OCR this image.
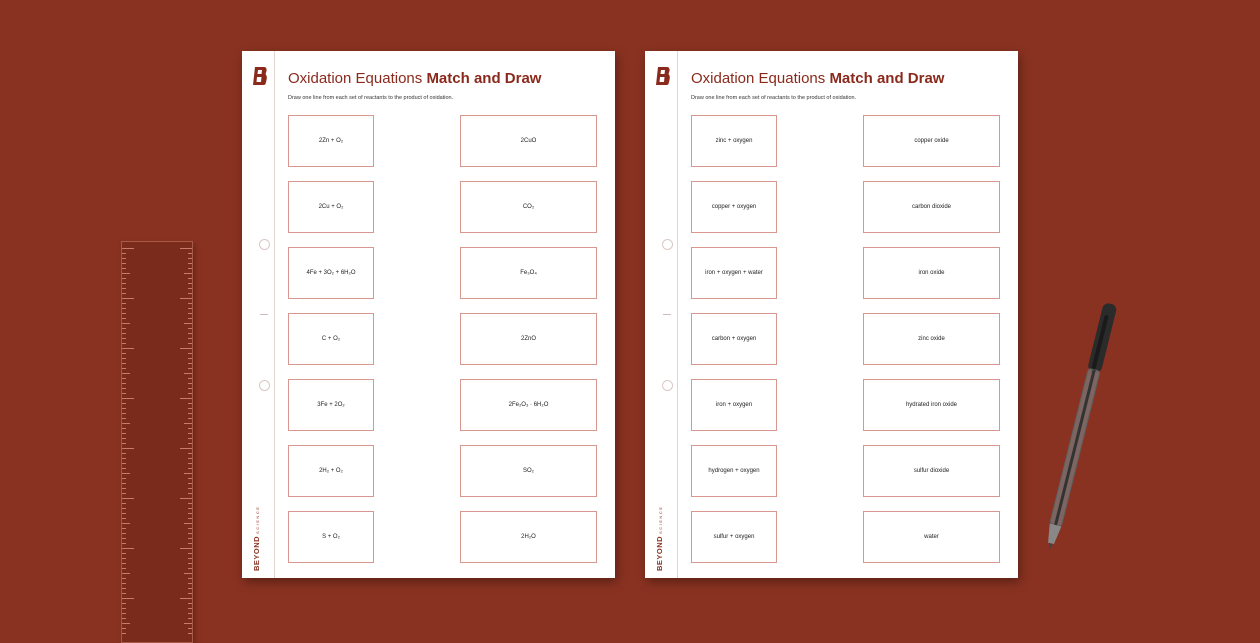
BEYONDSCIENCE
Oxidation Equations Match and Draw
Draw one line from each set of reactants to the product of oxidation.
2Zn + O₂
2Cu + O₂
4Fe + 3O₂ + 6H₂O
C + O₂
3Fe + 2O₂
2H₂ + O₂
S + O₂
2CuO
CO₂
Fe₃O₄
2ZnO
2Fe₂O₃ · 6H₂O
SO₂
2H₂O	BEYONDSCIENCE
Oxidation Equations Match and Draw
Draw one line from each set of reactants to the product of oxidation.
zinc + oxygen
copper + oxygen
iron + oxygen + water
carbon + oxygen
iron + oxygen
hydrogen + oxygen
sulfur + oxygen
copper oxide
carbon dioxide
iron oxide
zinc oxide
hydrated iron oxide
sulfur dioxide
water
